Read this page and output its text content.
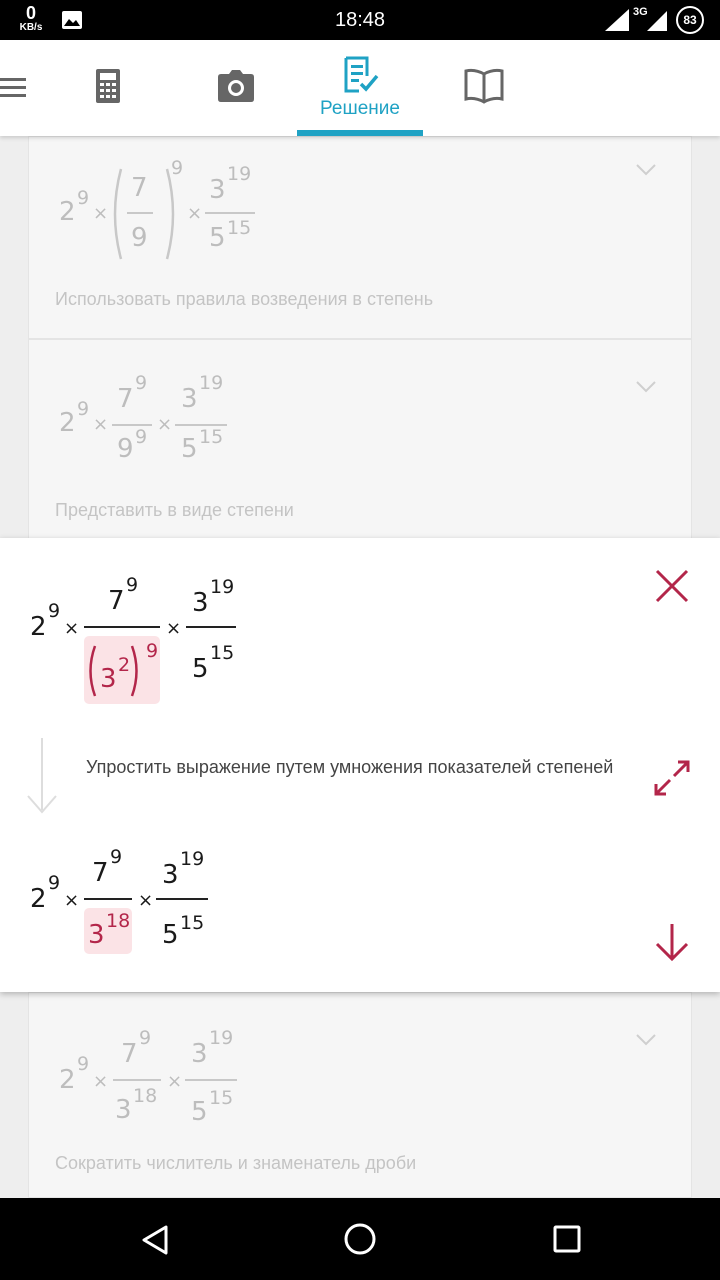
0
KB/s	18:48	3G
83
Решение
2 9
×
7
9
9
×
3
19
5 15
Использовать правила возведения в степень
2 9
×
7
9
9 9
×
3
19
5 15
Представить в виде степени
2
9
×
7
9
3 2
9
×
3
19
5
15
Упростить выражение путем умножения показателей степеней
2
9
×
7
9
3 18
×
3
19
5 15
2
9
×
7
9
3 18
×
3
19
5 15
Сократить числитель и знаменатель дроби
